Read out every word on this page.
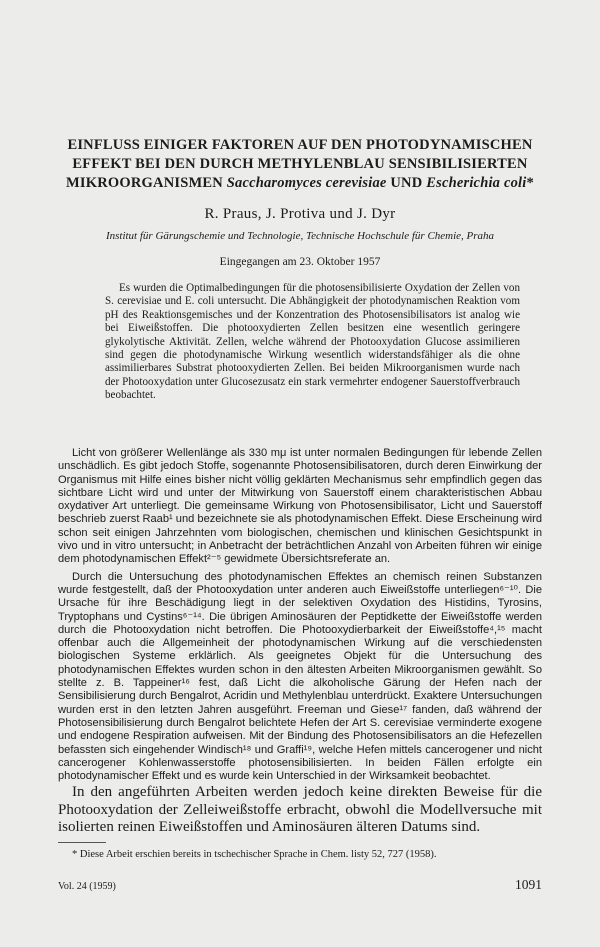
EINFLUSS EINIGER FAKTOREN AUF DEN PHOTODYNAMISCHEN
EFFEKT BEI DEN DURCH METHYLENBLAU SENSIBILISIERTEN
MIKROORGANISMEN Saccharomyces cerevisiae UND Escherichia coli*
R. Praus, J. Protiva und J. Dyr
Institut für Gärungschemie und Technologie, Technische Hochschule für Chemie, Praha
Eingegangen am 23. Oktober 1957

Es wurden die Optimalbedingungen für die photosensibilisierte Oxydation der Zellen von S. cerevisiae und E. coli untersucht. Die Abhängigkeit der photodynamischen Reaktion vom pH des Reaktionsgemisches und der Konzentration des Photosensibilisators ist analog wie bei Eiweißstoffen. Die photooxydierten Zellen besitzen eine wesentlich geringere glykolytische Aktivität. Zellen, welche während der Photooxydation Glucose assimilieren sind gegen die photodynamische Wirkung wesentlich widerstandsfähiger als die ohne assimilierbares Substrat photooxydierten Zellen. Bei beiden Mikroorganismen wurde nach der Photooxydation unter Glucosezusatz ein stark vermehrter endogener Sauerstoffverbrauch beobachtet.

Licht von größerer Wellenlänge als 330 mμ ist unter normalen Bedingungen für lebende Zellen unschädlich. Es gibt jedoch Stoffe, sogenannte Photosensibilisatoren, durch deren Einwirkung der Organismus mit Hilfe eines bisher nicht völlig geklärten Mechanismus sehr empfindlich gegen das sichtbare Licht wird und unter der Mitwirkung von Sauerstoff einem charakteristischen Abbau oxydativer Art unterliegt. Die gemeinsame Wirkung von Photosensibilisator, Licht und Sauerstoff beschrieb zuerst Raab¹ und bezeichnete sie als photodynamischen Effekt. Diese Erscheinung wird schon seit einigen Jahrzehnten vom biologischen, chemischen und klinischen Gesichtspunkt in vivo und in vitro untersucht; in Anbetracht der beträchtlichen Anzahl von Arbeiten führen wir einige dem photodynamischen Effekt²⁻⁵ gewidmete Übersichtsreferate an.

Durch die Untersuchung des photodynamischen Effektes an chemisch reinen Substanzen wurde festgestellt, daß der Photooxydation unter anderen auch Eiweißstoffe unterliegen⁶⁻¹⁰. Die Ursache für ihre Beschädigung liegt in der selektiven Oxydation des Histidins, Tyrosins, Tryptophans und Cystins⁶⁻¹⁴. Die übrigen Aminosäuren der Peptidkette der Eiweißstoffe werden durch die Photooxydation nicht betroffen. Die Photooxydierbarkeit der Eiweißstoffe⁴,¹⁵ macht offenbar auch die Allgemeinheit der photodynamischen Wirkung auf die verschiedensten biologischen Systeme erklärlich. Als geeignetes Objekt für die Untersuchung des photodynamischen Effektes wurden schon in den ältesten Arbeiten Mikroorganismen gewählt. So stellte z. B. Tappeiner¹⁶ fest, daß Licht die alkoholische Gärung der Hefen nach der Sensibilisierung durch Bengalrot, Acridin und Methylenblau unterdrückt. Exaktere Untersuchungen wurden erst in den letzten Jahren ausgeführt. Freeman und Giese¹⁷ fanden, daß während der Photosensibilisierung durch Bengalrot belichtete Hefen der Art S. cerevisiae verminderte exogene und endogene Respiration aufweisen. Mit der Bindung des Photosensibilisators an die Hefezellen befassten sich eingehender Windisch¹⁸ und Graffi¹⁹, welche Hefen mittels cancerogener und nicht cancerogener Kohlenwasserstoffe photosensibilisierten. In beiden Fällen erfolgte ein photodynamischer Effekt und es wurde kein Unterschied in der Wirksamkeit beobachtet.

In den angeführten Arbeiten werden jedoch keine direkten Beweise für die Photooxydation der Zelleiweißstoffe erbracht, obwohl die Modellversuche mit isolierten reinen Eiweißstoffen und Aminosäuren älteren Datums sind.

* Diese Arbeit erschien bereits in tschechischer Sprache in Chem. listy 52, 727 (1958).
Vol. 24 (1959)	1091
